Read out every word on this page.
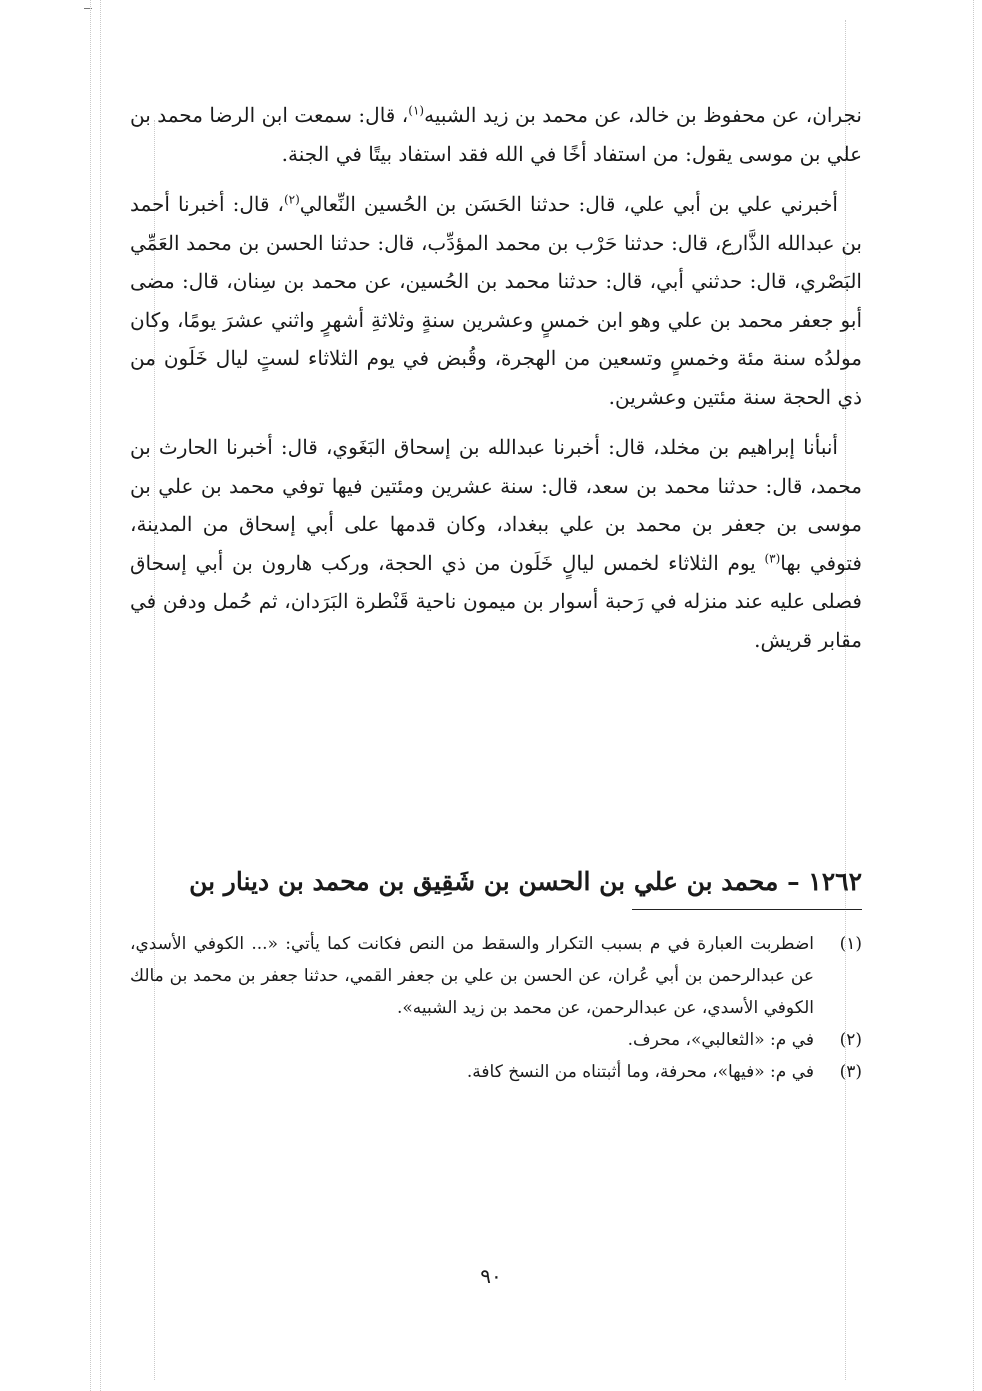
نجران، عن محفوظ بن خالد، عن محمد بن زيد الشبيه$^{(١)}$، قال: سمعت ابن الرضا محمد بن علي بن موسى يقول: من استفاد أخًا في الله فقد استفاد بيتًا في الجنة.

أخبرني علي بن أبي علي، قال: حدثنا الحَسَن بن الحُسين النِّعالي$^{(٢)}$، قال: أخبرنا أحمد بن عبدالله الذَّارع، قال: حدثنا حَرْب بن محمد المؤدِّب، قال: حدثنا الحسن بن محمد العَمِّي البَصْري، قال: حدثني أبي، قال: حدثنا محمد بن الحُسين، عن محمد بن سِنان، قال: مضى أبو جعفر محمد بن علي وهو ابن خمسٍ وعشرين سنةٍ وثلاثةِ أشهرٍ واثني عشرَ يومًا، وكان مولدُه سنة مئة وخمسٍ وتسعين من الهجرة، وقُبض في يوم الثلاثاء لستٍ ليال خَلَون من ذي الحجة سنة مئتين وعشرين.

أنبأنا إبراهيم بن مخلد، قال: أخبرنا عبدالله بن إسحاق البَغَوي، قال: أخبرنا الحارث بن محمد، قال: حدثنا محمد بن سعد، قال: سنة عشرين ومئتين فيها توفي محمد بن علي بن موسى بن جعفر بن محمد بن علي ببغداد، وكان قدمها على أبي إسحاق من المدينة، فتوفي بها$^{(٣)}$ يوم الثلاثاء لخمس ليالٍ خَلَون من ذي الحجة، وركب هارون بن أبي إسحاق فصلى عليه عند منزله في رَحبة أسوار بن ميمون ناحية قَنْطرة البَرَدان، ثم حُمل ودفن في مقابر قريش.

١٢٦٢ – محمد بن علي بن الحسن بن شَقِيق بن محمد بن دينار بن
(١)
اضطربت العبارة في م بسبب التكرار والسقط من النص فكانت كما يأتي: «... الكوفي الأسدي، عن عبدالرحمن بن أبي عُران، عن الحسن بن علي بن جعفر القمي، حدثنا جعفر بن محمد بن مالك الكوفي الأسدي، عن عبدالرحمن، عن محمد بن زيد الشبيه».
(٢)
في م: «الثعالبي»، محرف.
(٣)
في م: «فيها»، محرفة، وما أثبتناه من النسخ كافة.
٩٠
